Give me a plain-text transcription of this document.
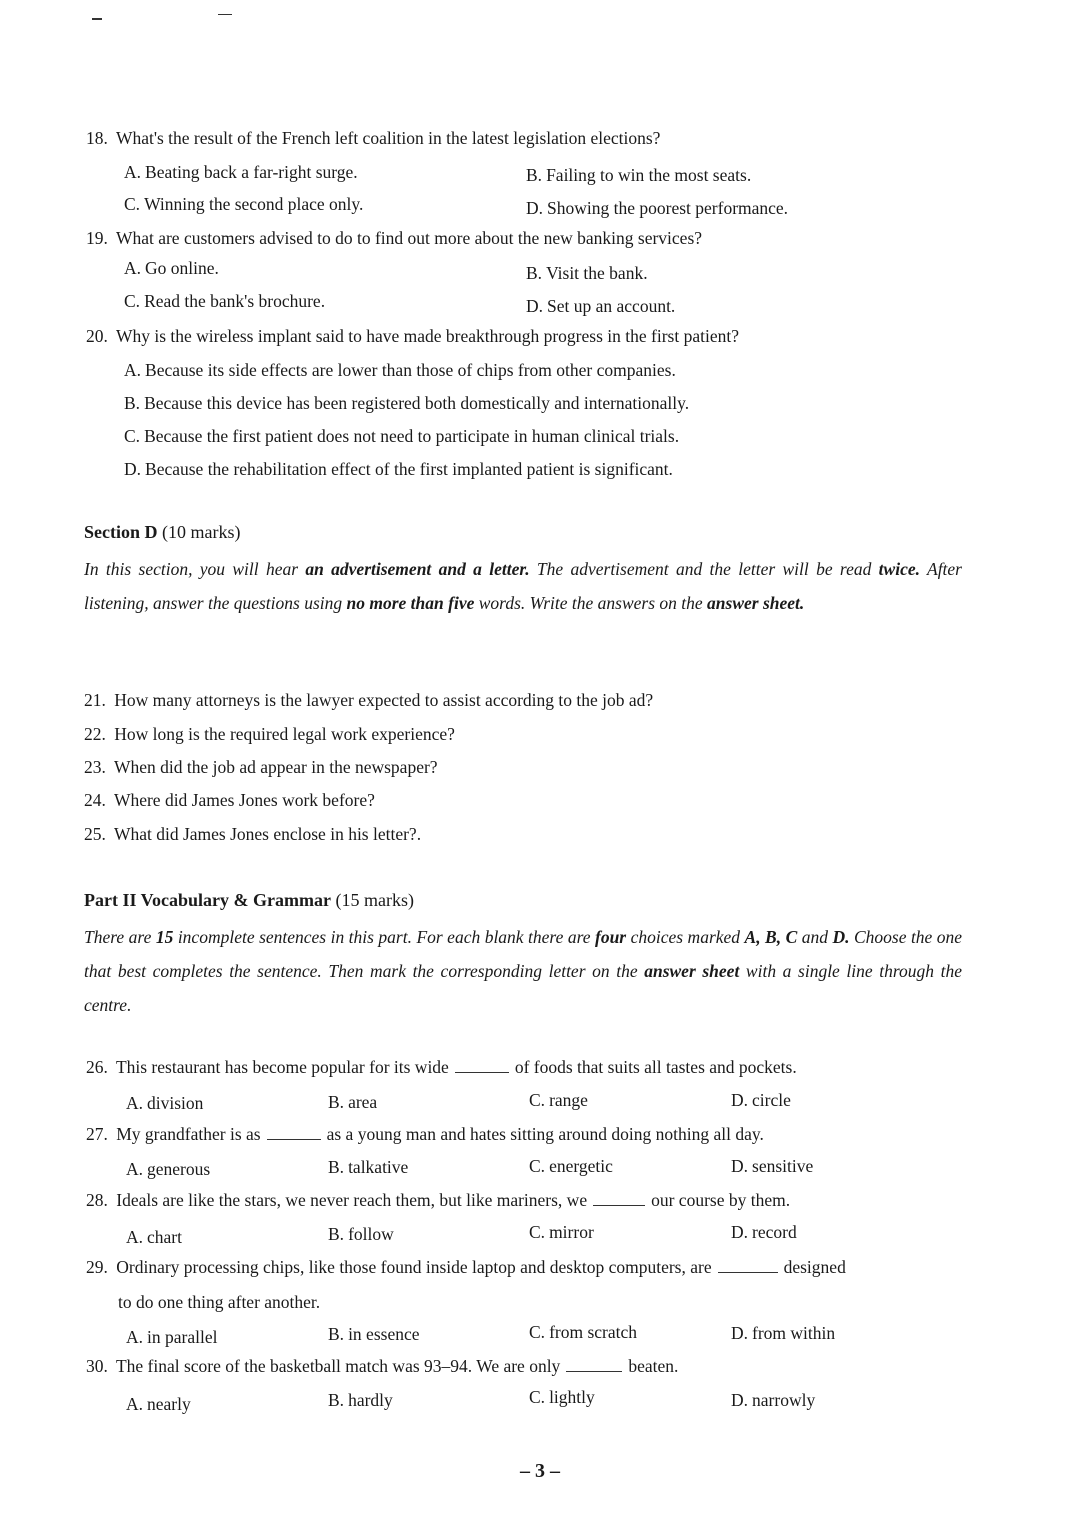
18. What's the result of the French left coalition in the latest legislation elections?
A. Beating back a far-right surge.	B. Failing to win the most seats.
C. Winning the second place only.	D. Showing the poorest performance.
19. What are customers advised to do to find out more about the new banking services?
A. Go online.	B. Visit the bank.
C. Read the bank's brochure.	D. Set up an account.
20. Why is the wireless implant said to have made breakthrough progress in the first patient?
A. Because its side effects are lower than those of chips from other companies.
B. Because this device has been registered both domestically and internationally.
C. Because the first patient does not need to participate in human clinical trials.
D. Because the rehabilitation effect of the first implanted patient is significant.
Section D (10 marks)
In this section, you will hear an advertisement and a letter. The advertisement and the letter will be read twice. After listening, answer the questions using no more than five words. Write the answers on the answer sheet.
21. How many attorneys is the lawyer expected to assist according to the job ad?
22. How long is the required legal work experience?
23. When did the job ad appear in the newspaper?
24. Where did James Jones work before?
25. What did James Jones enclose in his letter?.
Part II Vocabulary & Grammar (15 marks)
There are 15 incomplete sentences in this part. For each blank there are four choices marked A, B, C and D. Choose the one that best completes the sentence. Then mark the corresponding letter on the answer sheet with a single line through the centre.
26. This restaurant has become popular for its wide	of foods that suits all tastes and pockets.
A. division	B. area	C. range	D. circle
27. My grandfather is as	as a young man and hates sitting around doing nothing all day.
A. generous	B. talkative	C. energetic	D. sensitive
28. Ideals are like the stars, we never reach them, but like mariners, we	our course by them.
A. chart	B. follow	C. mirror	D. record
29. Ordinary processing chips, like those found inside laptop and desktop computers, are	designed
to do one thing after another.
A. in parallel	B. in essence	C. from scratch	D. from within
30. The final score of the basketball match was 93–94. We are only	beaten.
A. nearly	B. hardly	C. lightly	D. narrowly
– 3 –
